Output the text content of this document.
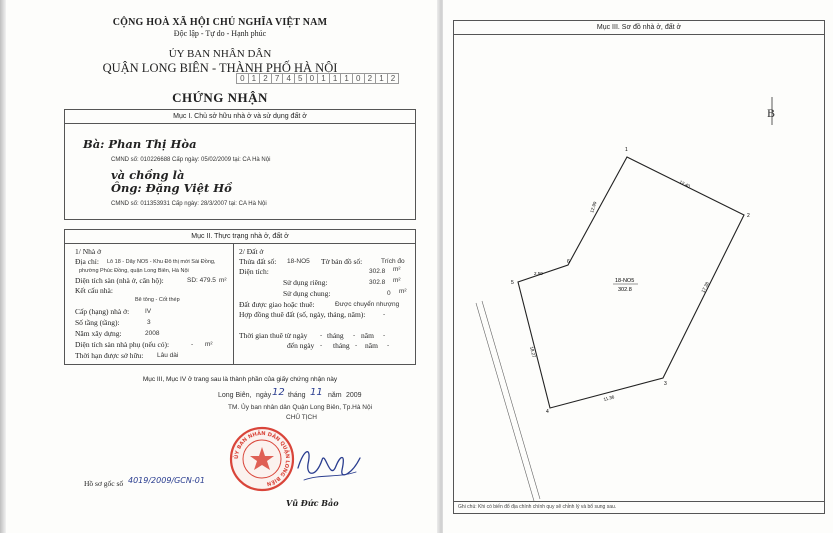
CỘNG HOÀ XÃ HỘI CHỦ NGHĨA VIỆT NAM
Độc lập - Tự do - Hạnh phúc
ỦY BAN NHÂN DÂN
QUẬN LONG BIÊN - THÀNH PHỐ HÀ NỘI
0 1 2 7 4 5 0 1 1 1 0 2 1 2
CHỨNG NHẬN
Mục I. Chủ sở hữu nhà ở và sử dụng đất ở
Bà: Phan Thị Hòa
CMND số: 010226688 Cấp ngày: 05/02/2009 tại: CA Hà Nội
và chồng là
Ông: Đặng Việt Hồ
CMND số: 011353931 Cấp ngày: 28/3/2007 tại: CA Hà Nội
Mục II. Thực trạng nhà ở, đất ở
1/ Nhà ở
Địa chỉ: Lô 18 - Dãy NO5 - Khu Đô thị mới Sài Đồng,
phường Phúc Đồng, quận Long Biên, Hà Nội
Diện tích sàn (nhà ở, căn hộ):	SD: 479.5 m²
Kết cấu nhà:
Bê tông - Cốt thép
Cấp (hạng) nhà ở: IV
Số tầng (tầng):	3
Năm xây dựng:	2008
Diện tích sàn nhà phụ (nếu có):	- m²
Thời hạn được sở hữu: Lâu dài
2/ Đất ở
Thửa đất số: 18-NO5 Tờ bản đồ số:	Trích đo
Diện tích:	302.8 m²
Sử dụng riêng:	302.8 m²
Sử dụng chung:	0 m²
Đất được giao hoặc thuê:	Được chuyển nhượng
Hợp đồng thuê đất (số, ngày, tháng, năm):	-
Thời gian thuê từ ngày - tháng - năm -
đến ngày - tháng - năm -
Mục III, Mục IV ở trang sau là thành phần của giấy chứng nhận này
Long Biên, ngày 12 tháng 11 năm 2009
TM. Ủy ban nhân dân Quận Long Biên, Tp.Hà Nội
CHỦ TỊCH
ỦY BAN NHÂN DÂN QUẬN LONG BIÊN
Vũ Đức Bảo
Hồ sơ gốc số 4019/2009/GCN-01
Mục III. Sơ đồ nhà ở, đất ở
B
1
2
3
4
5
6
12.40
17.38
11.36
18.27
2.50
12.90
18-NO5
302.8
Ghi chú: Khi có biến đổ địa chính chính quy sẽ chỉnh lý và bổ sung sau.
